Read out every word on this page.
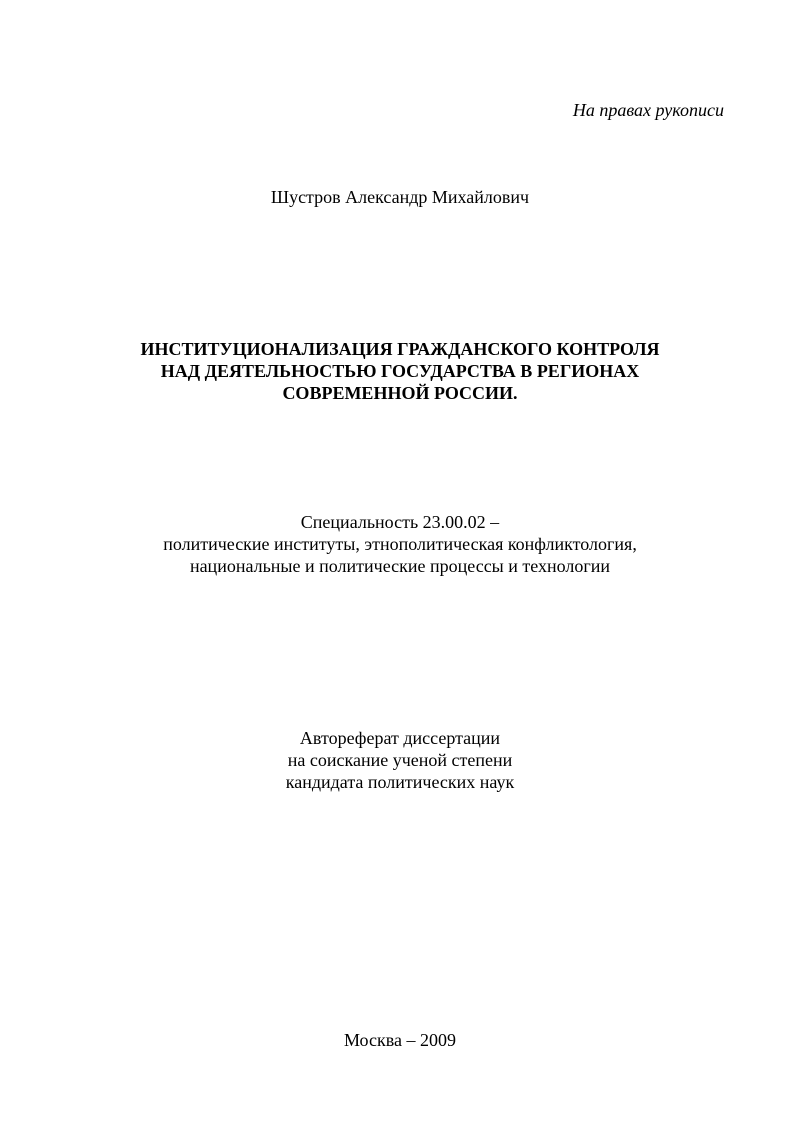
На правах рукописи
Шустров Александр Михайлович
ИНСТИТУЦИОНАЛИЗАЦИЯ ГРАЖДАНСКОГО КОНТРОЛЯ
НАД ДЕЯТЕЛЬНОСТЬЮ ГОСУДАРСТВА В РЕГИОНАХ
СОВРЕМЕННОЙ РОССИИ.
Специальность 23.00.02 –
политические институты, этнополитическая конфликтология,
национальные и политические процессы и технологии
Автореферат диссертации
на соискание ученой степени
кандидата политических наук
Москва – 2009
